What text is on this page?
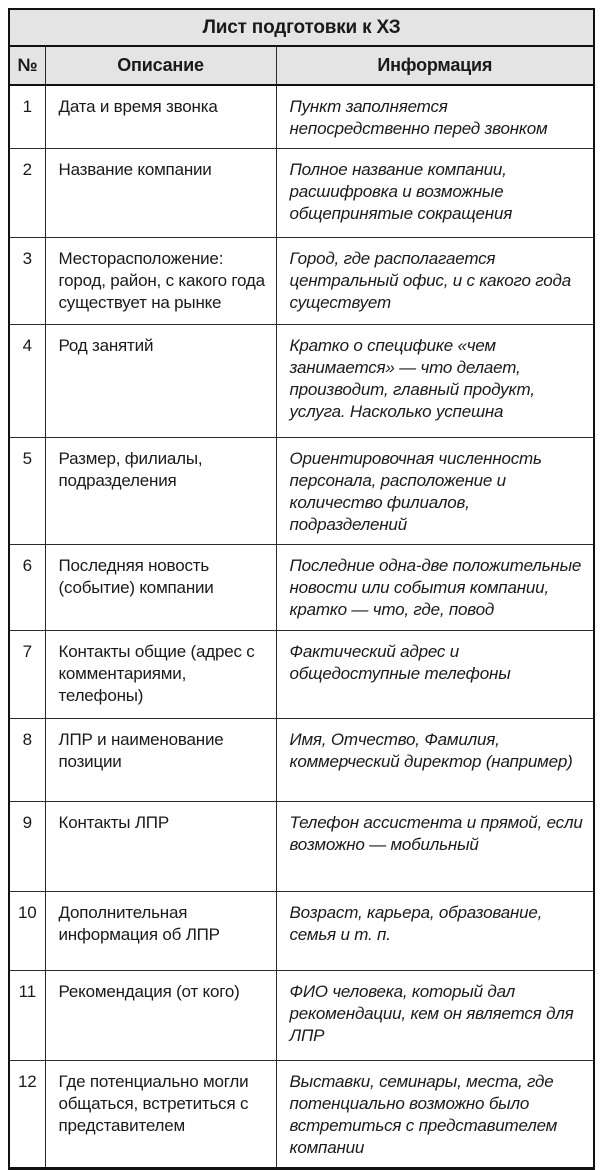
Лист подготовки к ХЗ		
№	Описание	Информация
1	Дата и время звонка	Пункт заполняется непосредственно перед звонком
2	Название компании	Полное название компании, расшифровка и возможные общепринятые сокращения
3	Месторасположение: город, район, с какого года существует на рынке	Город, где располагается центральный офис, и с какого года существует
4	Род занятий	Кратко о специфике «чем занимается» — что делает, производит, главный продукт, услуга. Насколько успешна
5	Размер, филиалы, подразделения	Ориентировочная численность персонала, расположение и количество филиалов, подразделений
6	Последняя новость (событие) компании	Последние одна-две положительные новости или события компании, кратко — что, где, повод
7	Контакты общие (адрес с комментариями, телефоны)	Фактический адрес и общедоступные телефоны
8	ЛПР и наименование позиции	Имя, Отчество, Фамилия, коммерческий директор (например)
9	Контакты ЛПР	Телефон ассистента и прямой, если возможно — мобильный
10	Дополнительная информация об ЛПР	Возраст, карьера, образование, семья и т. п.
11	Рекомендация (от кого)	ФИО человека, который дал рекомендации, кем он является для ЛПР
12	Где потенциально могли общаться, встретиться с представителем	Выставки, семинары, места, где потенциально возможно было встретиться с представителем компании
